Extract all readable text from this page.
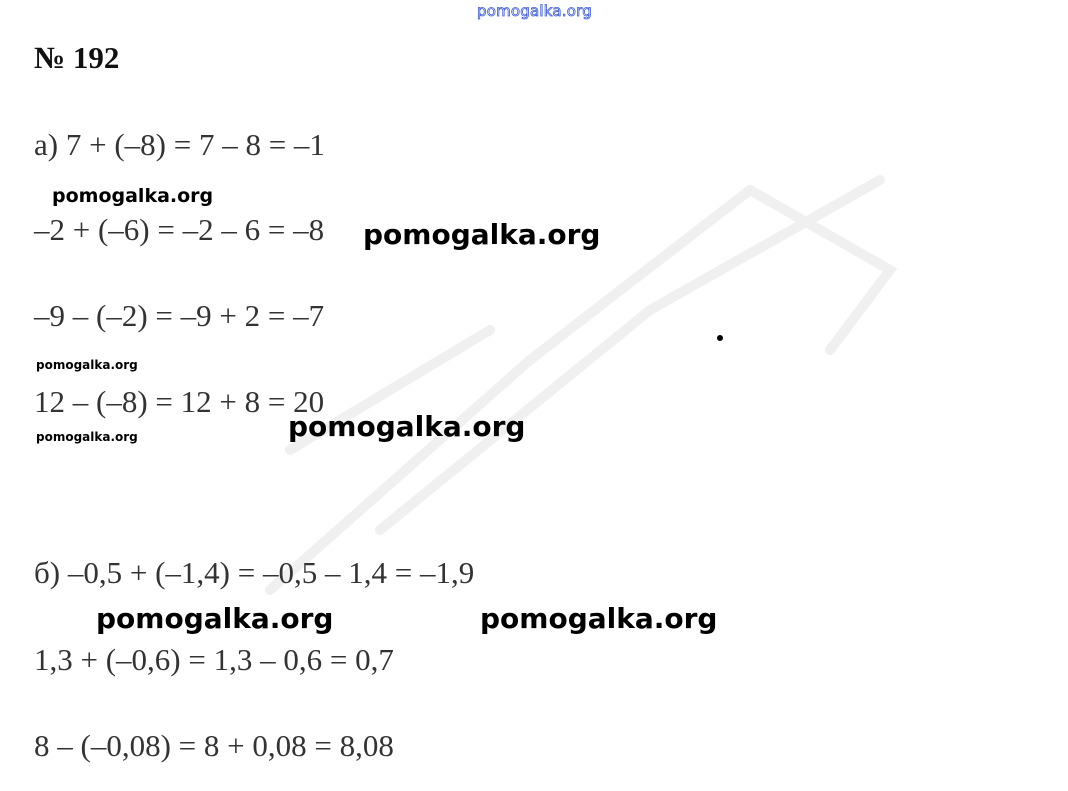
pomogalka.org
№ 192
а) 7 + (–8) = 7 – 8 = –1
pomogalka.org
–2 + (–6) = –2 – 6 = –8 pomogalka.org
–9 – (–2) = –9 + 2 = –7
pomogalka.org
12 – (–8) = 12 + 8 = 20
pomogalka.org
pomogalka.org
б) –0,5 + (–1,4) = –0,5 – 1,4 = –1,9
pomogalka.org	pomogalka.org
1,3 + (–0,6) = 1,3 – 0,6 = 0,7
8 – (–0,08) = 8 + 0,08 = 8,08
